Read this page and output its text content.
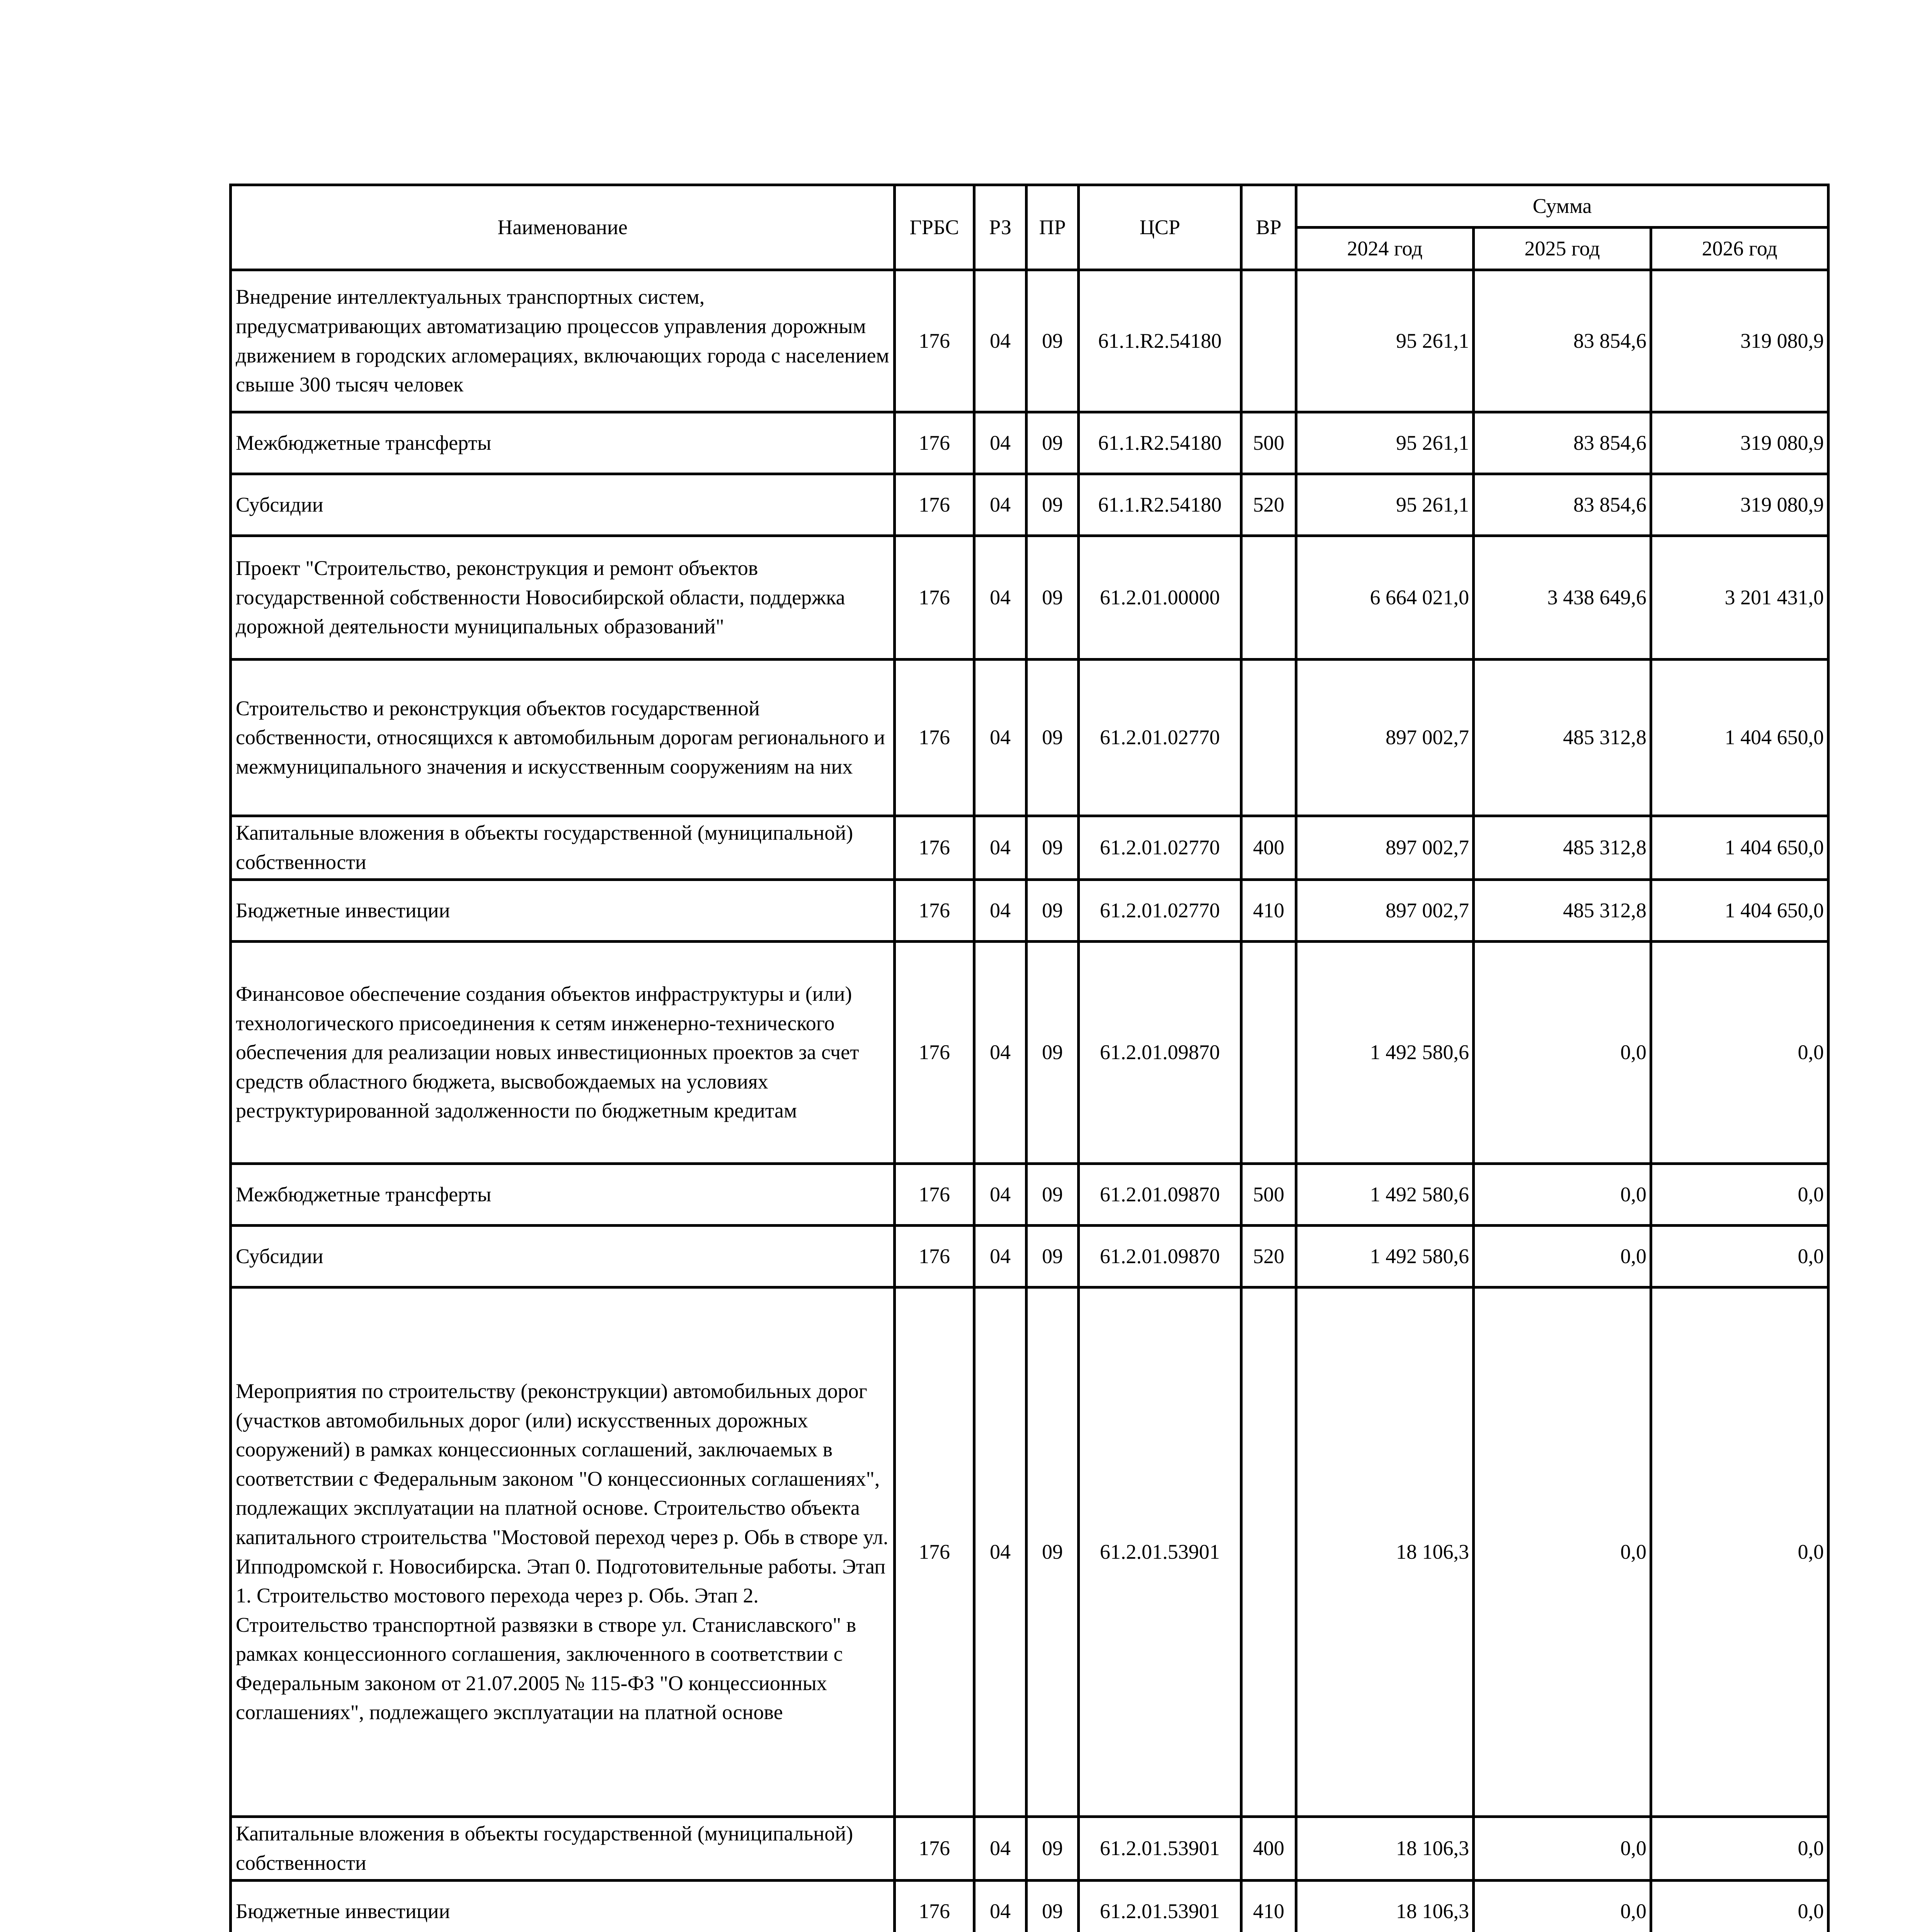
Наименование	ГРБС	РЗ	ПР	ЦСР	ВР	Сумма		
						2024 год	2025 год	2026 год
Внедрение интеллектуальных транспортных систем, предусматривающих автоматизацию процессов управления дорожным движением в городских агломерациях, включающих города с населением свыше 300 тысяч человек	176	04	09	61.1.R2.54180		95 261,1	83 854,6	319 080,9
Межбюджетные трансферты	176	04	09	61.1.R2.54180	500	95 261,1	83 854,6	319 080,9
Субсидии	176	04	09	61.1.R2.54180	520	95 261,1	83 854,6	319 080,9
Проект "Строительство, реконструкция и ремонт объектов государственной собственности Новосибирской области, поддержка дорожной деятельности муниципальных образований"	176	04	09	61.2.01.00000		6 664 021,0	3 438 649,6	3 201 431,0
Строительство и реконструкция объектов государственной собственности, относящихся к автомобильным дорогам регионального и межмуниципального значения и искусственным сооружениям на них	176	04	09	61.2.01.02770		897 002,7	485 312,8	1 404 650,0
Капитальные вложения в объекты государственной (муниципальной) собственности	176	04	09	61.2.01.02770	400	897 002,7	485 312,8	1 404 650,0
Бюджетные инвестиции	176	04	09	61.2.01.02770	410	897 002,7	485 312,8	1 404 650,0
Финансовое обеспечение создания объектов инфраструктуры и (или) технологического присоединения к сетям инженерно-технического обеспечения для реализации новых инвестиционных проектов за счет средств областного бюджета, высвобождаемых на условиях реструктурированной задолженности по бюджетным кредитам	176	04	09	61.2.01.09870		1 492 580,6	0,0	0,0
Межбюджетные трансферты	176	04	09	61.2.01.09870	500	1 492 580,6	0,0	0,0
Субсидии	176	04	09	61.2.01.09870	520	1 492 580,6	0,0	0,0
Мероприятия по строительству (реконструкции) автомобильных дорог (участков автомобильных дорог (или) искусственных дорожных сооружений) в рамках концессионных соглашений, заключаемых в соответствии с Федеральным законом "О концессионных соглашениях", подлежащих эксплуатации на платной основе. Строительство объекта капитального строительства "Мостовой переход через р. Обь в створе ул. Ипподромской г. Новосибирска. Этап 0. Подготовительные работы. Этап 1. Строительство мостового перехода через р. Обь. Этап 2. Строительство транспортной развязки в створе ул. Станиславского" в рамках концессионного соглашения, заключенного в соответствии с Федеральным законом от 21.07.2005 № 115-ФЗ "О концессионных соглашениях", подлежащего эксплуатации на платной основе	176	04	09	61.2.01.53901		18 106,3	0,0	0,0
Капитальные вложения в объекты государственной (муниципальной) собственности	176	04	09	61.2.01.53901	400	18 106,3	0,0	0,0
Бюджетные инвестиции	176	04	09	61.2.01.53901	410	18 106,3	0,0	0,0
